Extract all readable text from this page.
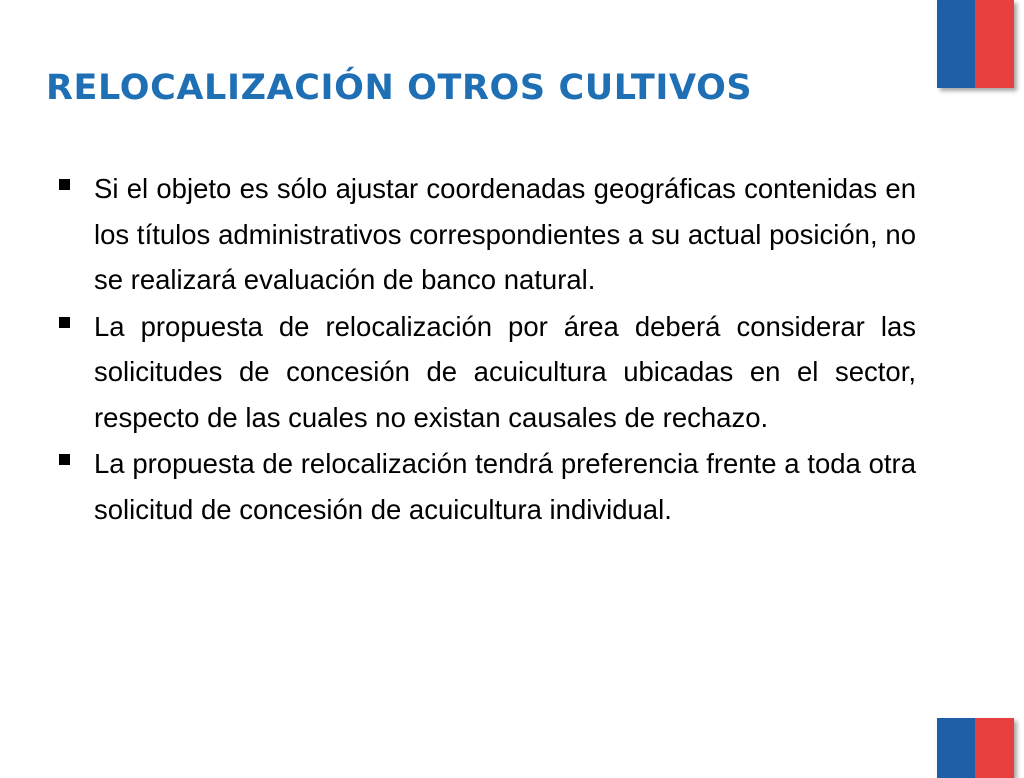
RELOCALIZACIÓN OTROS CULTIVOS
Si el objeto es sólo ajustar coordenadas geográficas contenidas en los títulos administrativos correspondientes a su actual posición, no se realizará evaluación de banco natural.
La propuesta de relocalización por área deberá considerar las solicitudes de concesión de acuicultura ubicadas en el sector, respecto de las cuales no existan causales de rechazo.
La propuesta de relocalización tendrá preferencia frente a toda otra solicitud de concesión de acuicultura individual.
